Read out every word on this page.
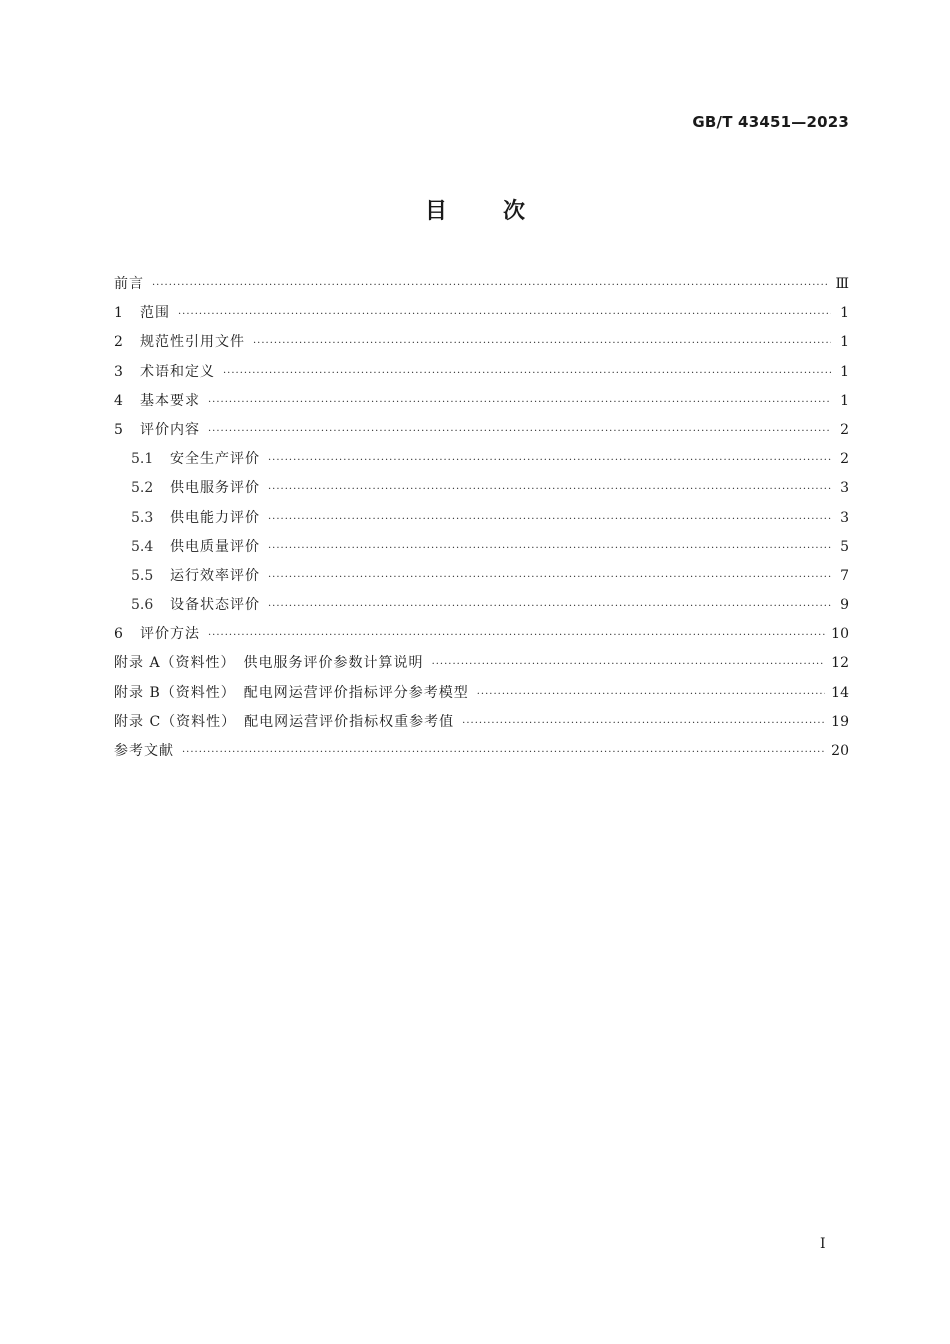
GB/T 43451—2023
目次
前言 ·····	Ⅲ
1	范围 ·····	1
2	规范性引用文件 ·····	1
3	术语和定义 ·····	1
4	基本要求 ·····	1
5	评价内容 ·····	2
5.1	安全生产评价 ·····	2
5.2	供电服务评价 ·····	3
5.3	供电能力评价 ·····	3
5.4	供电质量评价 ·····	5
5.5	运行效率评价 ·····	7
5.6	设备状态评价 ·····	9
6	评价方法 ·····	10
附录 A（资料性）　供电服务评价参数计算说明 ·····	12
附录 B（资料性）　配电网运营评价指标评分参考模型 ·····	14
附录 C（资料性）　配电网运营评价指标权重参考值 ·····	19
参考文献 ·····	20
I
